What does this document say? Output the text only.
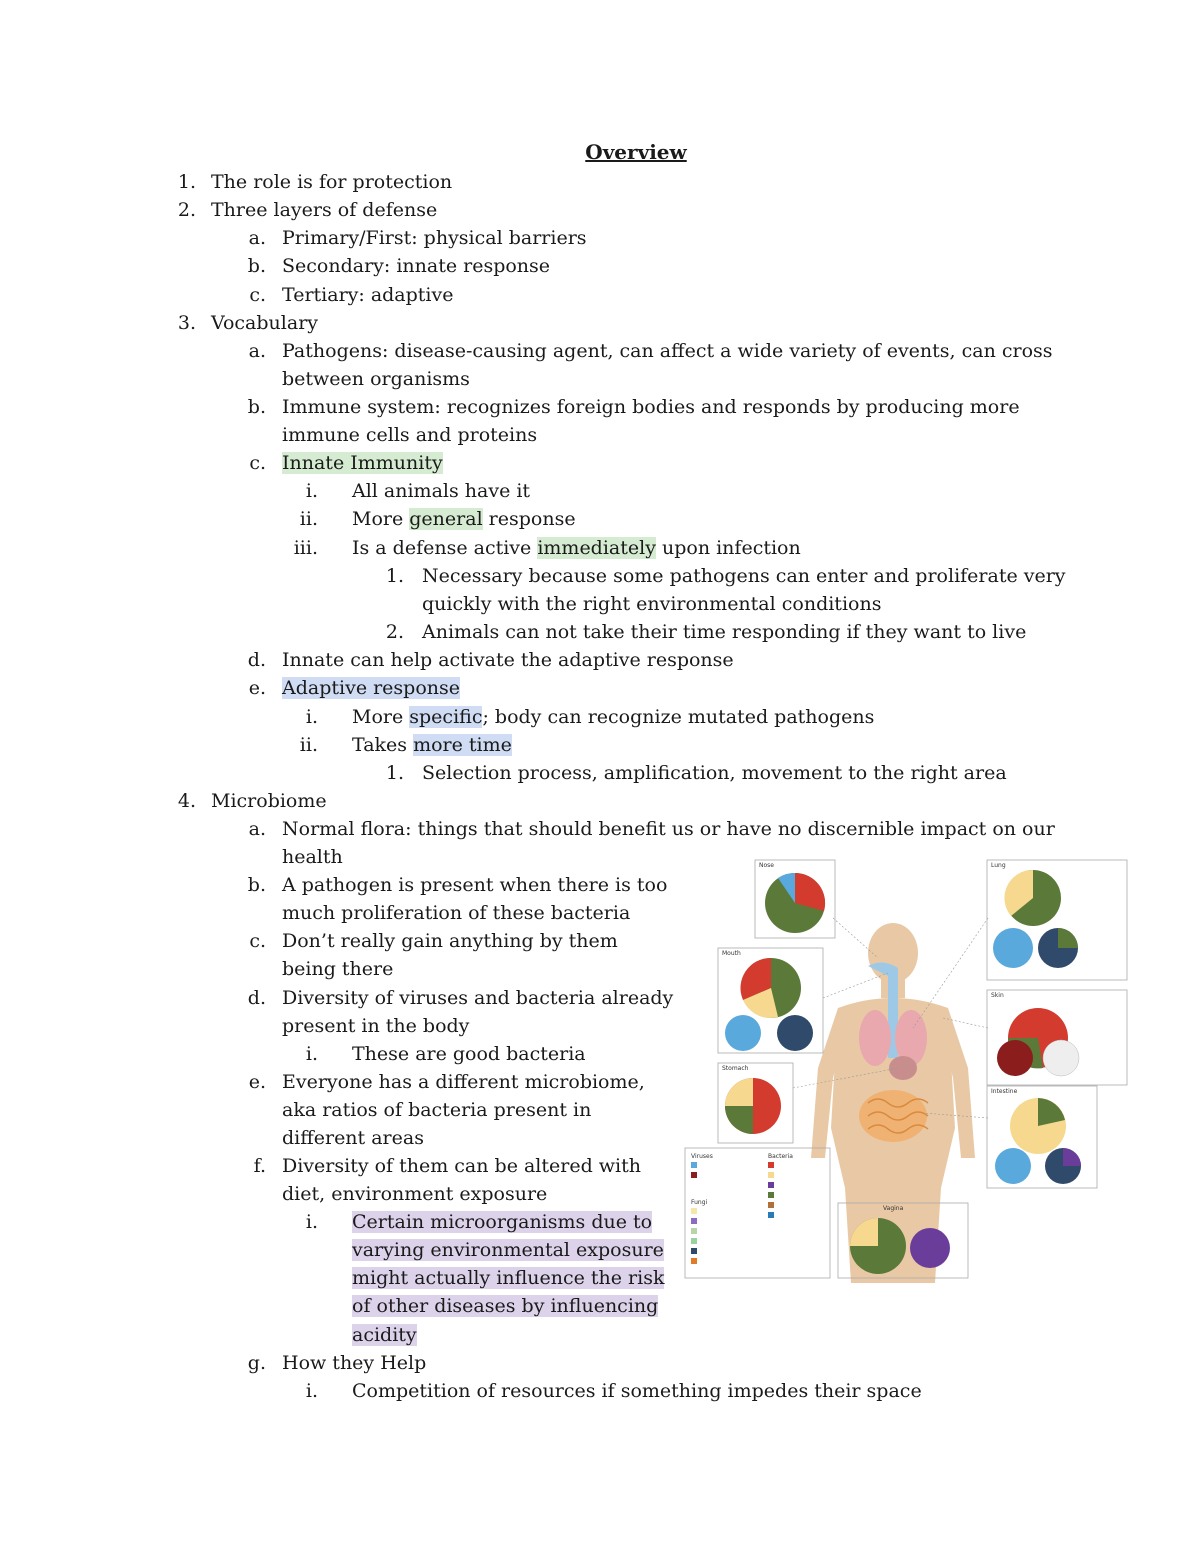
Overview
1. The role is for protection
2. Three layers of defense
a. Primary/First: physical barriers
b. Secondary: innate response
c. Tertiary: adaptive
3. Vocabulary
a. Pathogens: disease-causing agent, can affect a wide variety of events, can cross
between organisms
b. Immune system: recognizes foreign bodies and responds by producing more
immune cells and proteins
c. Innate Immunity
i. All animals have it
ii. More general response
iii. Is a defense active immediately upon infection
1. Necessary because some pathogens can enter and proliferate very
quickly with the right environmental conditions
2. Animals can not take their time responding if they want to live
d. Innate can help activate the adaptive response
e. Adaptive response
i. More specific; body can recognize mutated pathogens
ii. Takes more time
1. Selection process, amplification, movement to the right area
4. Microbiome
a. Normal flora: things that should benefit us or have no discernible impact on our
health
b. A pathogen is present when there is too
much proliferation of these bacteria
c. Don’t really gain anything by them
being there
d. Diversity of viruses and bacteria already
present in the body
i. These are good bacteria
e. Everyone has a different microbiome,
aka ratios of bacteria present in
different areas
f. Diversity of them can be altered with
diet, environment exposure
i. Certain microorganisms due to
varying environmental exposure
might actually influence the risk
of other diseases by influencing
acidity
g. How they Help
i. Competition of resources if something impedes their space
Nose	Lung
Mouth
Skin
Stomach
Intestine
Vagina
Viruses	Bacteria
Fungi
